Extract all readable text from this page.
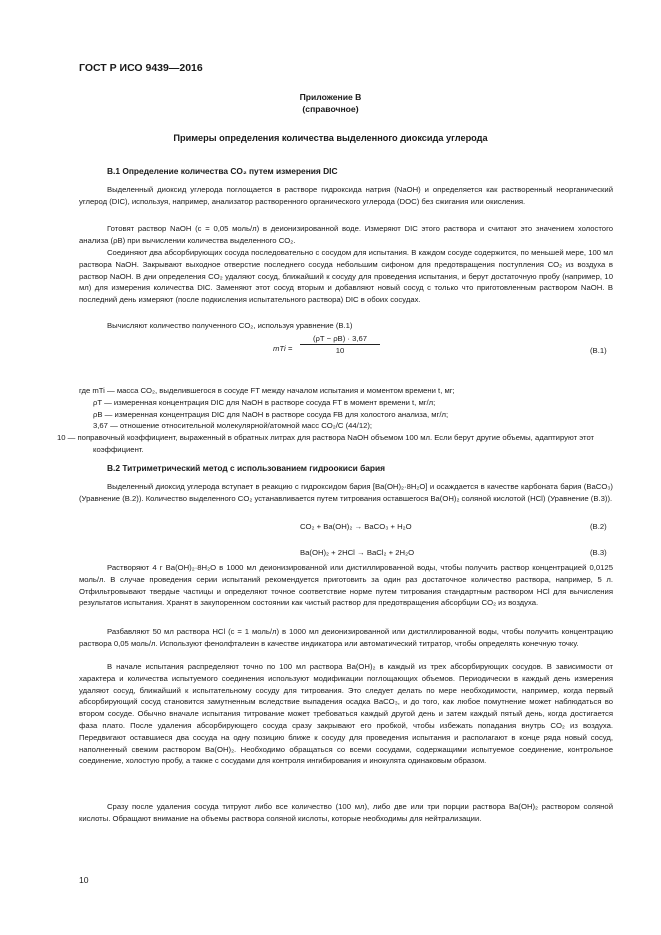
ГОСТ Р ИСО 9439—2016
Приложение В
(справочное)
Примеры определения количества выделенного диоксида углерода
В.1 Определение количества CO₂ путем измерения DIC

Выделенный диоксид углерода поглощается в растворе гидроксида натрия (NaOH) и определяется как растворенный неорганический углерод (DIC), используя, например, анализатор растворенного органического углерода (DOC) без сжигания или окисления.

Готовят раствор NaOH (c = 0,05 моль/л) в деионизированной воде. Измеряют DIC этого раствора и считают это значением холостого анализа (ρB) при вычислении количества выделенного CO₂.

Соединяют два абсорбирующих сосуда последовательно с сосудом для испытания. В каждом сосуде содержится, по меньшей мере, 100 мл раствора NaOH. Закрывают выходное отверстие последнего сосуда небольшим сифоном для предотвращения поступления CO₂ из воздуха в раствор NaOH. В дни определения CO₂ удаляют сосуд, ближайший к сосуду для проведения испытания, и берут достаточную пробу (например, 10 мл) для измерения количества DIC. Заменяют этот сосуд вторым и добавляют новый сосуд с только что приготовленным раствором NaOH. В последний день измеряют (после подкисления испытательного раствора) DIC в обоих сосудах.

Вычисляют количество полученного CO₂, используя уравнение (В.1)

mTi = $\frac{(\rho T - \rho B) \cdot 3,67}{10}$	(В.1)
где mTi — масса CO₂, выделившегося в сосуде FT между началом испытания и моментом времени t, мг;
ρT — измеренная концентрация DIC для NaOH в растворе сосуда FT в момент времени t, мг/л;
ρB — измеренная концентрация DIC для NaOH в растворе сосуда FB для холостого анализа, мг/л;
3,67 — отношение относительной молекулярной/атомной масс CO₂/C (44/12);
10 — поправочный коэффициент, выраженный в обратных литрах для раствора NaOH объемом 100 мл. Если берут другие объемы, адаптируют этот коэффициент.
В.2 Титриметрический метод с использованием гидроокиси бария

Выделенный диоксид углерода вступает в реакцию с гидроксидом бария [Ba(OH)₂·8H₂O] и осаждается в качестве карбоната бария (BaCO₃) (Уравнение (В.2)). Количество выделенного CO₂ устанавливается путем титрования оставшегося Ba(OH)₂ соляной кислотой (HCl) (Уравнение (В.3)).

CO₂ + Ba(OH)₂ → BaCO₃ + H₂O	(В.2)
Ba(OH)₂ + 2HCl → BaCl₂ + 2H₂O	(В.3)

Растворяют 4 г Ba(OH)₂·8H₂O в 1000 мл деионизированной или дистиллированной воды, чтобы получить раствор концентрацией 0,0125 моль/л. В случае проведения серии испытаний рекомендуется приготовить за один раз достаточное количество раствора, например, 5 л. Отфильтровывают твердые частицы и определяют точное соответствие норме путем титрования стандартным раствором HCl для вычисления результатов испытания. Хранят в закупоренном состоянии как чистый раствор для предотвращения абсорбции CO₂ из воздуха.

Разбавляют 50 мл раствора HCl (c = 1 моль/л) в 1000 мл деионизированной или дистиллированной воды, чтобы получить концентрацию раствора 0,05 моль/л. Используют фенолфталеин в качестве индикатора или автоматический титратор, чтобы определять конечную точку.

В начале испытания распределяют точно по 100 мл раствора Ba(OH)₂ в каждый из трех абсорбирующих сосудов. В зависимости от характера и количества испытуемого соединения используют модификации поглощающих объемов. Периодически в каждый день измерения удаляют сосуд, ближайший к испытательному сосуду для титрования. Это следует делать по мере необходимости, например, когда первый абсорбирующий сосуд становится замутненным вследствие выпадения осадка BaCO₃, и до того, как любое помутнение может наблюдаться во втором сосуде. Обычно вначале испытания титрование может требоваться каждый другой день и затем каждый пятый день, когда достигается фаза плато. После удаления абсорбирующего сосуда сразу закрывают его пробкой, чтобы избежать попадания внутрь CO₂ из воздуха. Передвигают оставшиеся два сосуда на одну позицию ближе к сосуду для проведения испытания и располагают в конце ряда новый сосуд, наполненный свежим раствором Ba(OH)₂. Необходимо обращаться со всеми сосудами, содержащими испытуемое соединение, контрольное соединение, холостую пробу, а также с сосудами для контроля ингибирования и инокулята одинаковым образом.

Сразу после удаления сосуда титруют либо все количество (100 мл), либо две или три порции раствора Ba(OH)₂ раствором соляной кислоты. Обращают внимание на объемы раствора соляной кислоты, которые необходимы для нейтрализации.

10
